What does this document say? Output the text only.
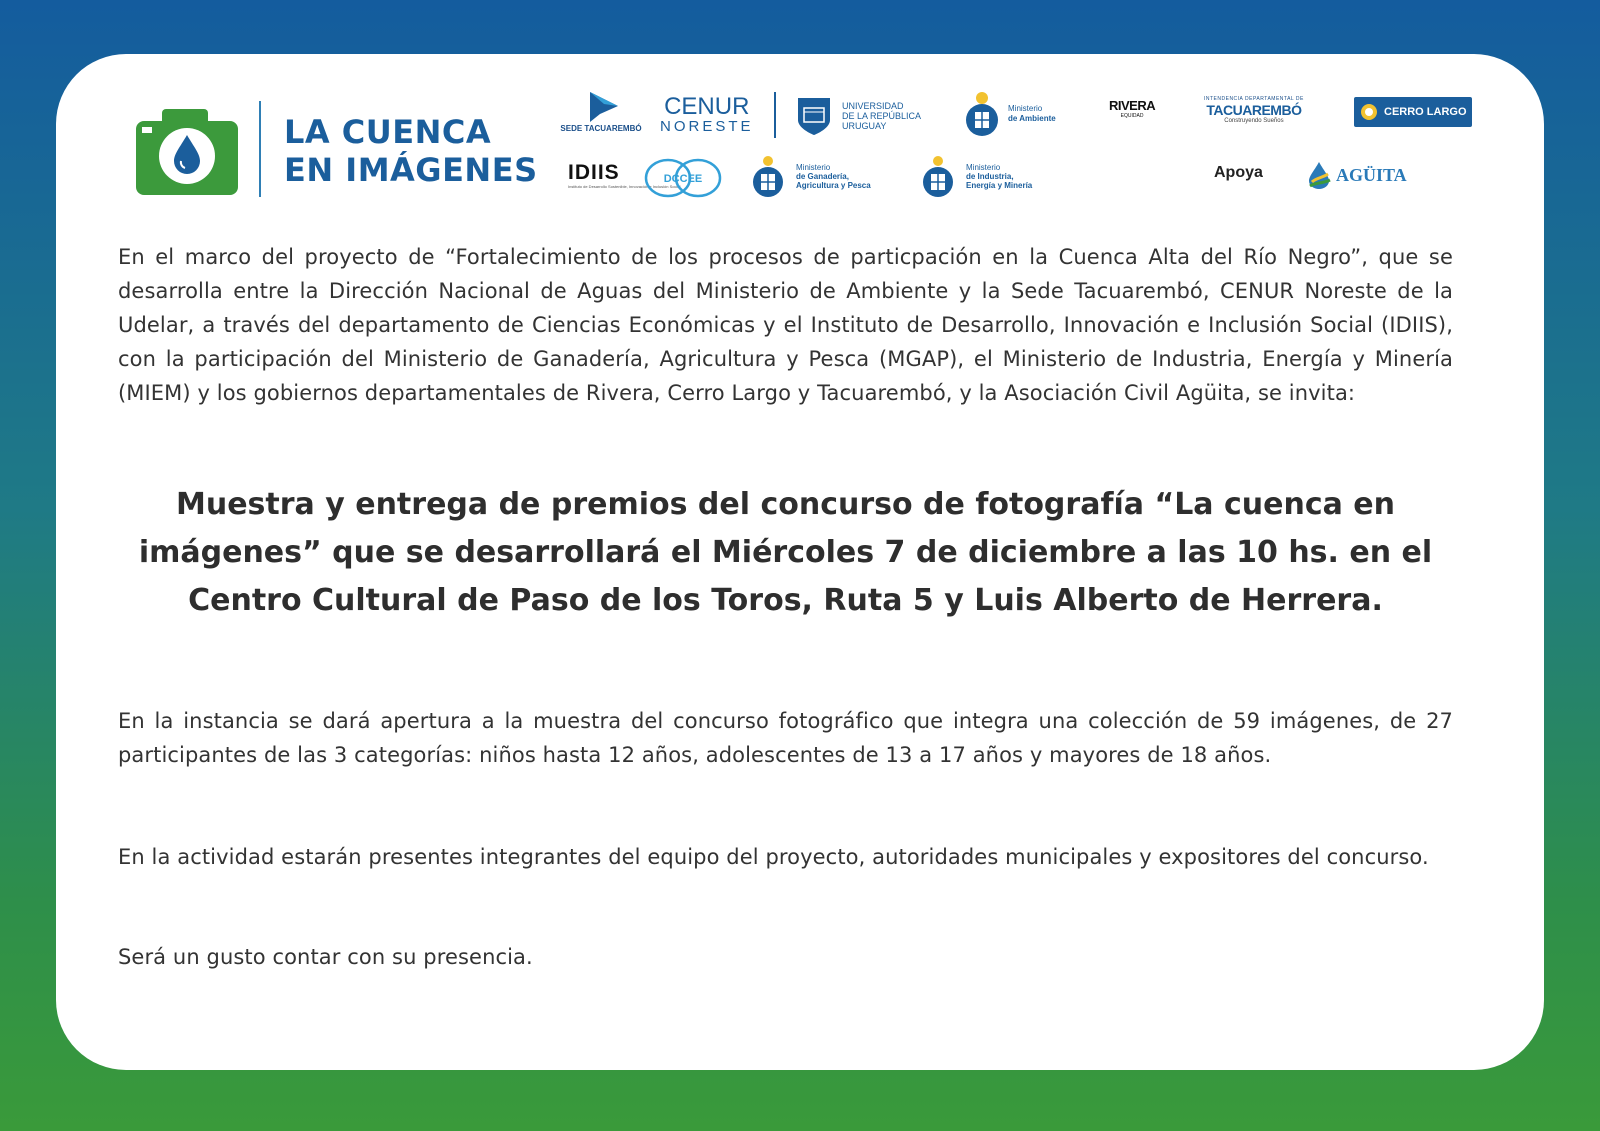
LA CUENCA
EN IMÁGENES
SEDE TACUAREMBÓ
CENUR
NORESTE
UNIVERSIDAD
DE LA REPÚBLICA
URUGUAY
Ministerio
de Ambiente
RIVERA
EQUIDAD
INTENDENCIA DEPARTAMENTAL DE
TACUAREMBÓ
Construyendo Sueños
CERRO LARGO
IDIIS
Instituto de Desarrollo Sostenible, Innovación e Inclusión Social
DCCEE
Ministerio
de Ganadería,
Agricultura y Pesca
Ministerio
de Industria,
Energía y Minería
Apoya	AGÜITA

En el marco del proyecto de “Fortalecimiento de los procesos de particpación en la Cuenca Alta del Río Negro”, que se desarrolla entre la Dirección Nacional de Aguas del Ministerio de Ambiente y la Sede Tacuarembó, CENUR Noreste de la Udelar, a través del departamento de Ciencias Económicas y el Instituto de Desarrollo, Innovación e Inclusión Social (IDIIS), con la participación del Ministerio de Ganadería, Agricultura y Pesca (MGAP), el Ministerio de Industria, Energía y Minería (MIEM) y los gobiernos departamentales de Rivera, Cerro Largo y Tacuarembó, y la Asociación Civil Agüita, se invita:

Muestra y entrega de premios del concurso de fotografía “La cuenca en imágenes” que se desarrollará el Miércoles 7 de diciembre a las 10 hs. en el Centro Cultural de Paso de los Toros, Ruta 5 y Luis Alberto de Herrera.

En la instancia se dará apertura a la muestra del concurso fotográfico que integra una colección de 59 imágenes, de 27 participantes de las 3 categorías: niños hasta 12 años, adolescentes de 13 a 17 años y mayores de 18 años.

En la actividad estarán presentes integrantes del equipo del proyecto, autoridades municipales y expositores del concurso.

Será un gusto contar con su presencia.
